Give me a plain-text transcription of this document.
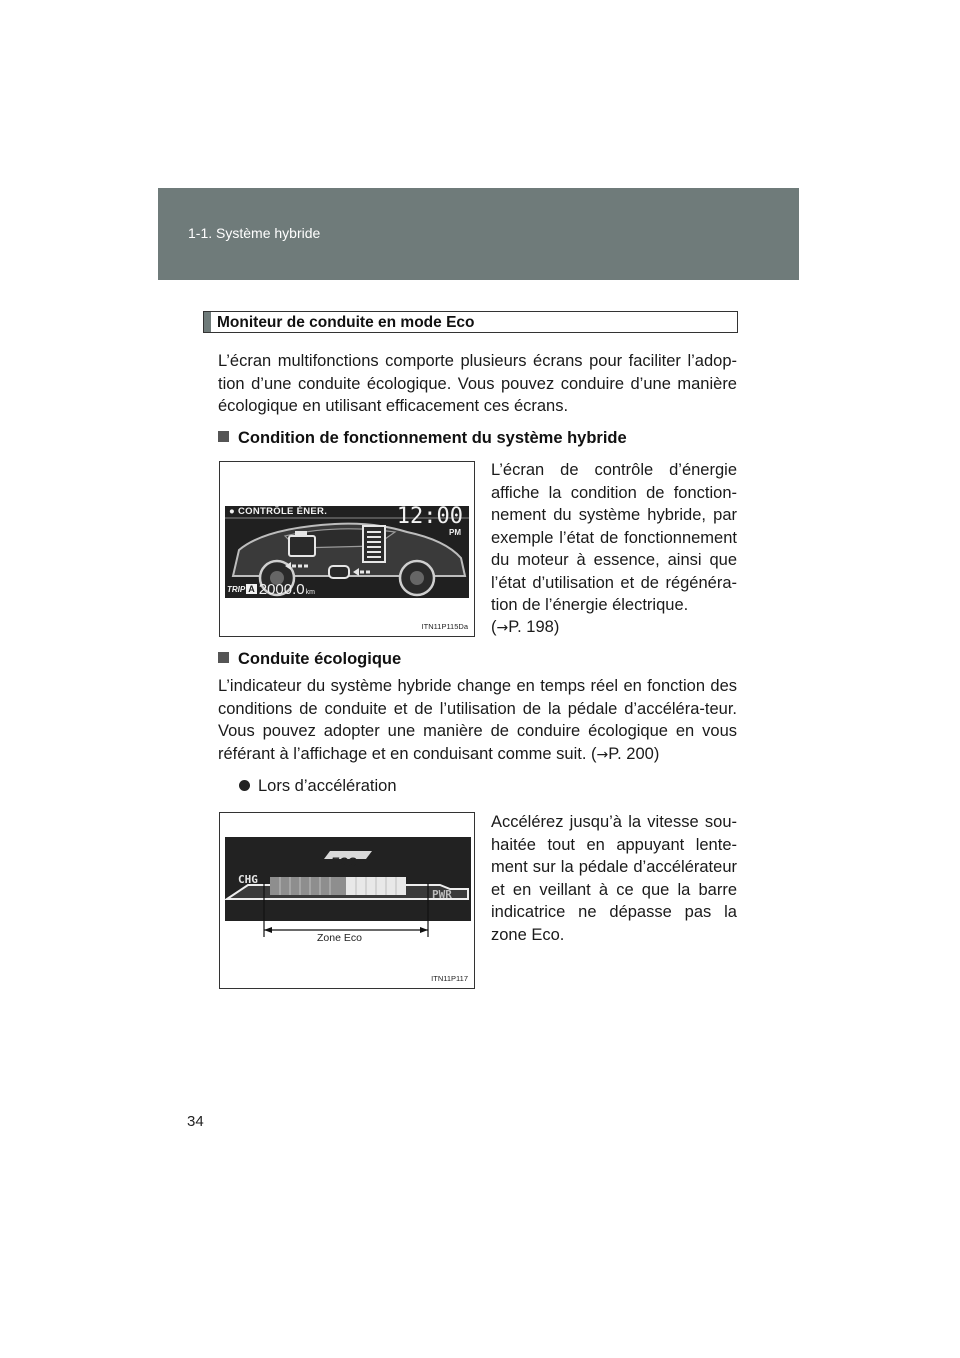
1-1. Système hybride
Moniteur de conduite en mode Eco
L’écran multifonctions comporte plusieurs écrans pour faciliter l’adop-tion d’une conduite écologique. Vous pouvez conduire d’une manière écologique en utilisant efficacement ces écrans.
Condition de fonctionnement du système hybride
● CONTRÔLE ÉNER.	12:00
PM
TRIP A 2000.0 km
ITN11P115Da
L’écran de contrôle d’énergie affiche la condition de fonction-nement du système hybride, par exemple l’état de fonctionnement du moteur à essence, ainsi que l’état d’utilisation et de régénéra-tion de l’énergie électrique.
(→P. 198)
Conduite écologique
L’indicateur du système hybride change en temps réel en fonction des conditions de conduite et de l’utilisation de la pédale d’accéléra-teur. Vous pouvez adopter une manière de conduire écologique en vous référant à l’affichage et en conduisant comme suit. (→P. 200)
Lors d’accélération
ECO
CHG
PWR
Zone Eco
ITN11P117
Accélérez jusqu’à la vitesse sou-haitée tout en appuyant lente-ment sur la pédale d’accélérateur et en veillant à ce que la barre indicatrice ne dépasse pas la zone Eco.
34
